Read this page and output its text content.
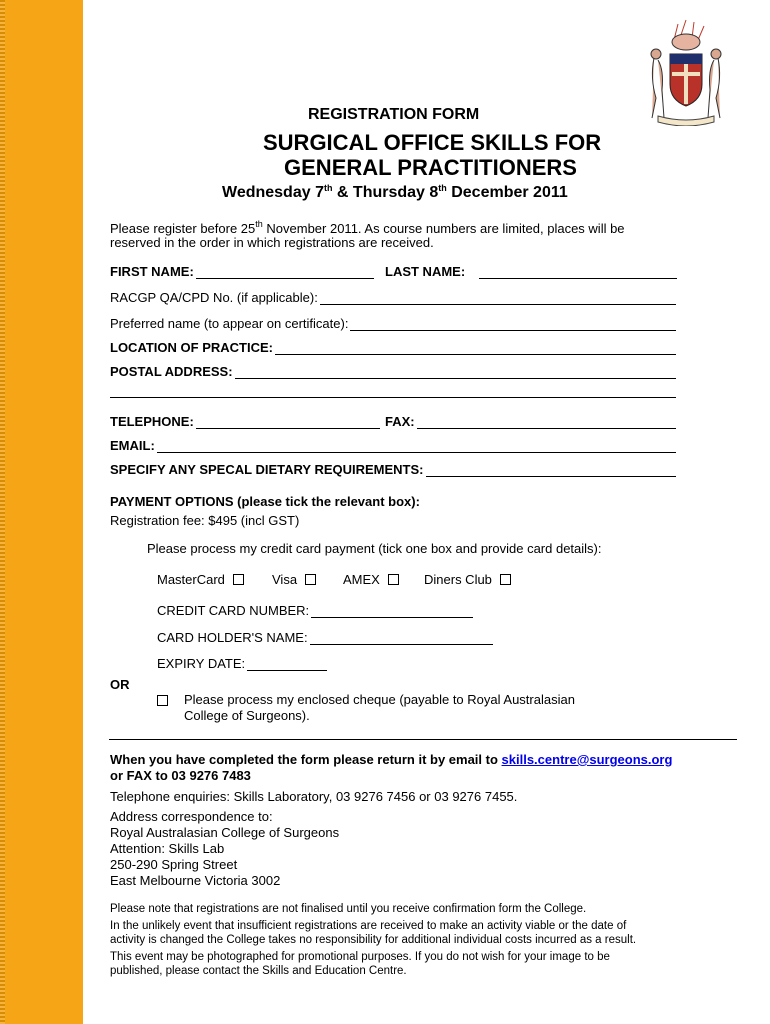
REGISTRATION FORM
SURGICAL OFFICE SKILLS FOR
GENERAL PRACTITIONERS
Wednesday 7th & Thursday 8th December 2011
Please register before 25th November 2011. As course numbers are limited, places will be
reserved in the order in which registrations are received.
FIRST NAME:	LAST NAME:
RACGP QA/CPD No. (if applicable):
Preferred name (to appear on certificate):
LOCATION OF PRACTICE:
POSTAL ADDRESS:
TELEPHONE:	FAX:
EMAIL:
SPECIFY ANY SPECAL DIETARY REQUIREMENTS:
PAYMENT OPTIONS (please tick the relevant box):
Registration fee: $495 (incl GST)
Please process my credit card payment (tick one box and provide card details):
MasterCard	Visa	AMEX	Diners Club
CREDIT CARD NUMBER:
CARD HOLDER'S NAME:
EXPIRY DATE:
OR
Please process my enclosed cheque (payable to Royal Australasian
College of Surgeons).
When you have completed the form please return it by email to skills.centre@surgeons.org
or FAX to 03 9276 7483
Telephone enquiries: Skills Laboratory, 03 9276 7456 or 03 9276 7455.
Address correspondence to:
Royal Australasian College of Surgeons
Attention: Skills Lab
250-290 Spring Street
East Melbourne Victoria 3002
Please note that registrations are not finalised until you receive confirmation form the College.
In the unlikely event that insufficient registrations are received to make an activity viable or the date of
activity is changed the College takes no responsibility for additional individual costs incurred as a result.
This event may be photographed for promotional purposes. If you do not wish for your image to be
published, please contact the Skills and Education Centre.
